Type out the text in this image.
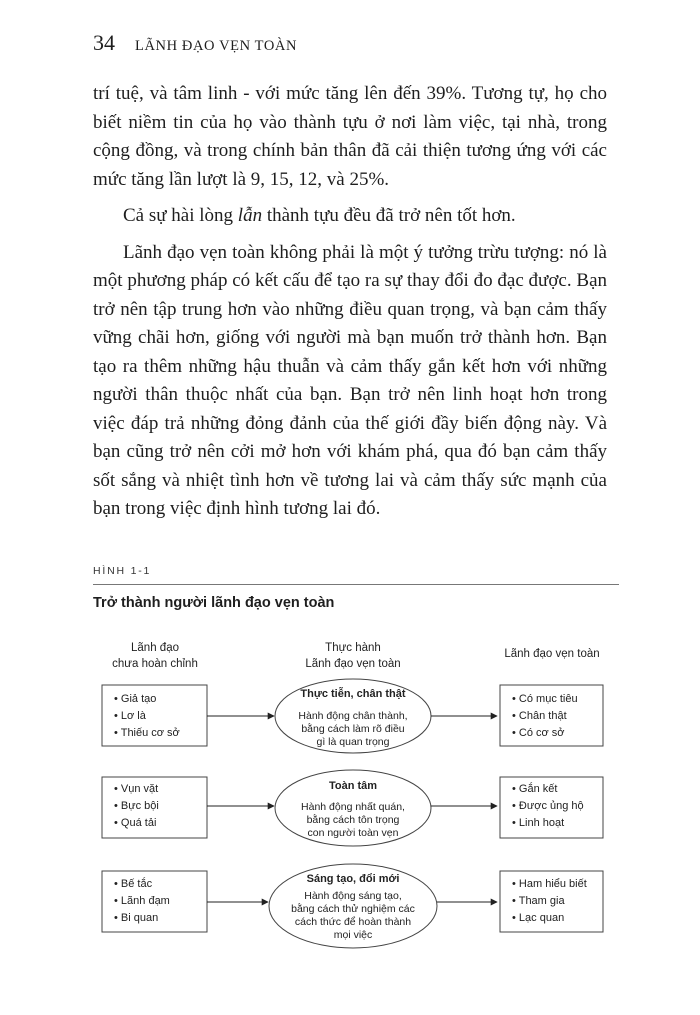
34 LÃNH ĐẠO VẸN TOÀN

trí tuệ, và tâm linh - với mức tăng lên đến 39%. Tương tự, họ cho biết niềm tin của họ vào thành tựu ở nơi làm việc, tại nhà, trong cộng đồng, và trong chính bản thân đã cải thiện tương ứng với các mức tăng lần lượt là 9, 15, 12, và 25%.

Cả sự hài lòng lẫn thành tựu đều đã trở nên tốt hơn.

Lãnh đạo vẹn toàn không phải là một ý tưởng trừu tượng: nó là một phương pháp có kết cấu để tạo ra sự thay đổi đo đạc được. Bạn trở nên tập trung hơn vào những điều quan trọng, và bạn cảm thấy vững chãi hơn, giống với người mà bạn muốn trở thành hơn. Bạn tạo ra thêm những hậu thuẫn và cảm thấy gắn kết hơn với những người thân thuộc nhất của bạn. Bạn trở nên linh hoạt hơn trong việc đáp trả những đỏng đảnh của thế giới đầy biến động này. Và bạn cũng trở nên cởi mở hơn với khám phá, qua đó bạn cảm thấy sốt sắng và nhiệt tình hơn về tương lai và cảm thấy sức mạnh của bạn trong việc định hình tương lai đó.

HÌNH 1-1
Trở thành người lãnh đạo vẹn toàn
Lãnh đạo
chưa hoàn chỉnh
Thực hành
Lãnh đạo vẹn toàn
Lãnh đạo vẹn toàn
• Giả tạo
• Lơ là
• Thiếu cơ sở
Thực tiễn, chân thật
Hành động chân thành,
bằng cách làm rõ điều
gì là quan trọng
• Có mục tiêu
• Chân thật
• Có cơ sở
• Vụn vặt
• Bực bội
• Quá tải
Toàn tâm
Hành động nhất quán,
bằng cách tôn trọng
con người toàn vẹn
• Gắn kết
• Được ủng hộ
• Linh hoạt
• Bế tắc
• Lãnh đạm
• Bi quan
Sáng tạo, đổi mới
Hành động sáng tạo,
bằng cách thử nghiệm các
cách thức để hoàn thành
mọi việc
• Ham hiểu biết
• Tham gia
• Lạc quan
